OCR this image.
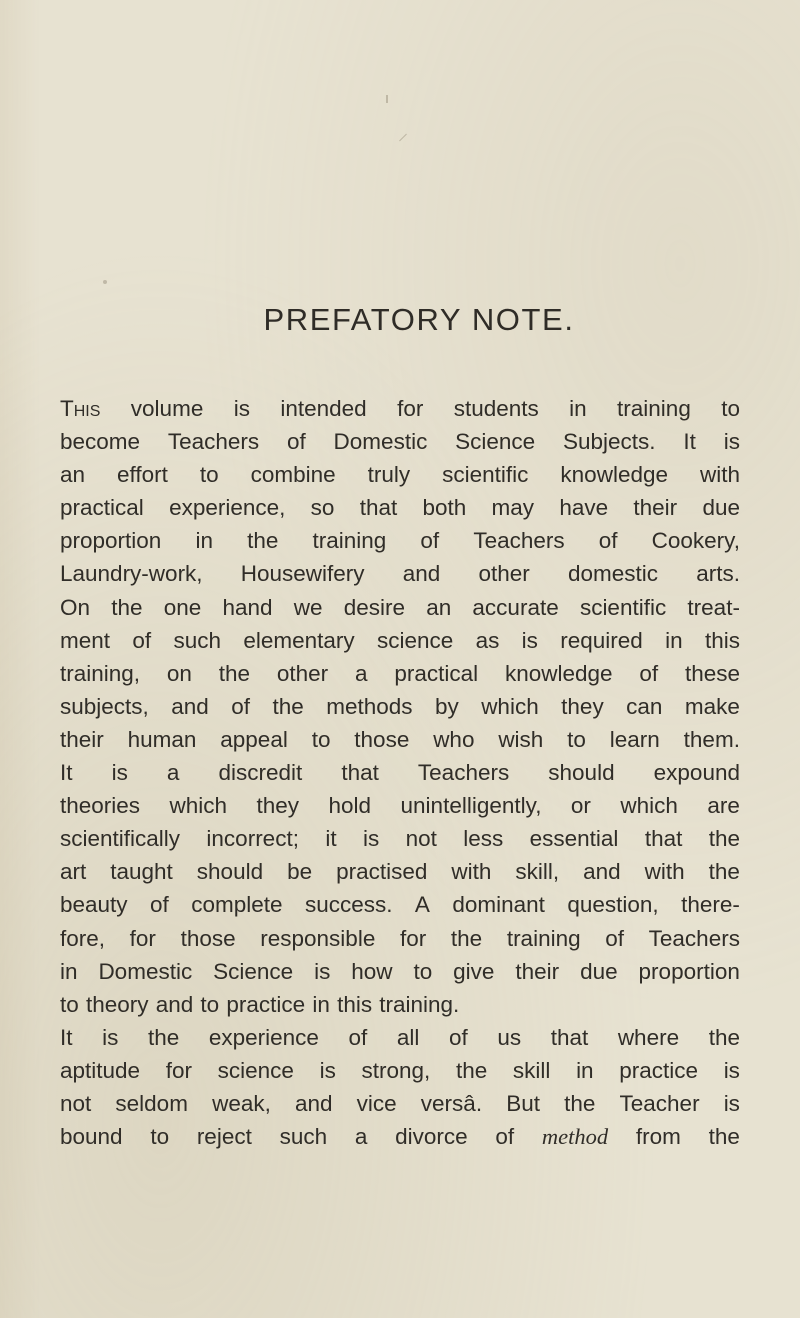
PREFATORY NOTE.
This volume is intended for students in training to
become Teachers of Domestic Science Subjects. It is
an effort to combine truly scientific knowledge with
practical experience, so that both may have their due
proportion in the training of Teachers of Cookery,
Laundry-work, Housewifery and other domestic arts.
On the one hand we desire an accurate scientific treat-
ment of such elementary science as is required in this
training, on the other a practical knowledge of these
subjects, and of the methods by which they can make
their human appeal to those who wish to learn them.
It is a discredit that Teachers should expound
theories which they hold unintelligently, or which are
scientifically incorrect; it is not less essential that the
art taught should be practised with skill, and with the
beauty of complete success. A dominant question, there-
fore, for those responsible for the training of Teachers
in Domestic Science is how to give their due proportion
to theory and to practice in this training.
It is the experience of all of us that where the
aptitude for science is strong, the skill in practice is
not seldom weak, and vice versâ. But the Teacher is
bound to reject such a divorce of method from the
